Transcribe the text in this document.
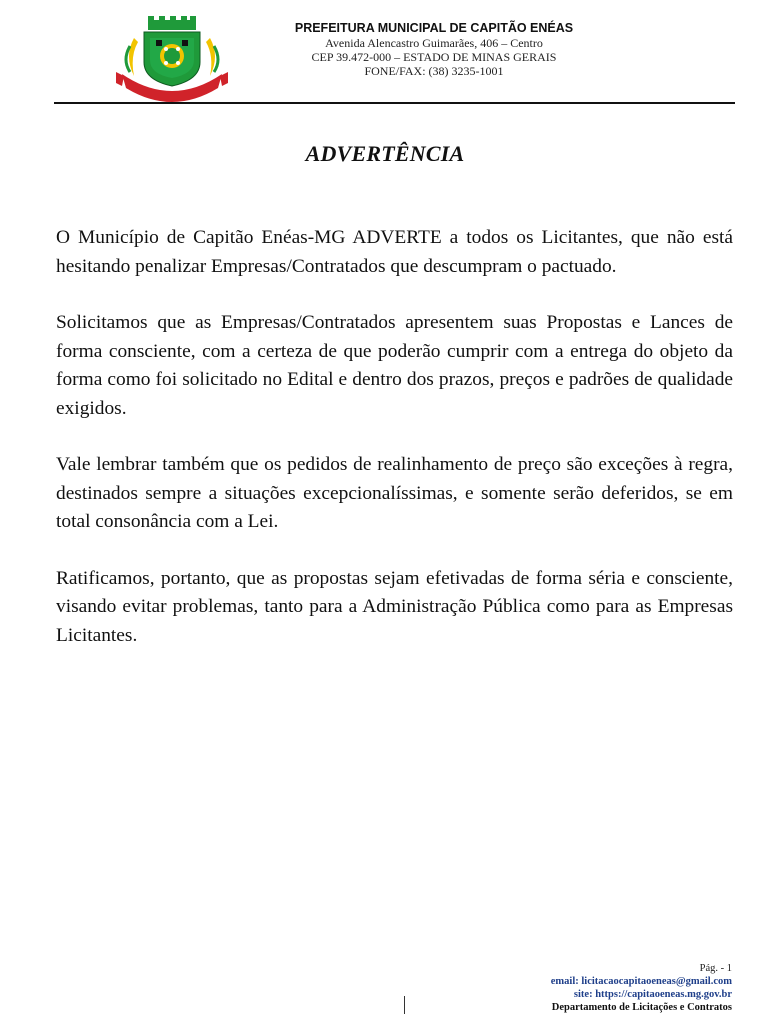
PREFEITURA MUNICIPAL DE CAPITÃO ENÉAS
Avenida Alencastro Guimarães, 406 – Centro
CEP 39.472-000 – ESTADO DE MINAS GERAIS
FONE/FAX: (38) 3235-1001
ADVERTÊNCIA

O Município de Capitão Enéas-MG ADVERTE a todos os Licitantes, que não está hesitando penalizar Empresas/Contratados que descumpram o pactuado.

Solicitamos que as Empresas/Contratados apresentem suas Propostas e Lances de forma consciente, com a certeza de que poderão cumprir com a entrega do objeto da forma como foi solicitado no Edital e dentro dos prazos, preços e padrões de qualidade exigidos.

Vale lembrar também que os pedidos de realinhamento de preço são exceções à regra, destinados sempre a situações excepcionalíssimas, e somente serão deferidos, se em total consonância com a Lei.

Ratificamos, portanto, que as propostas sejam efetivadas de forma séria e consciente, visando evitar problemas, tanto para a Administração Pública como para as Empresas Licitantes.

Pág. - 1
email: licitacaocapitaoeneas@gmail.com
site: https://capitaoeneas.mg.gov.br
Departamento de Licitações e Contratos
